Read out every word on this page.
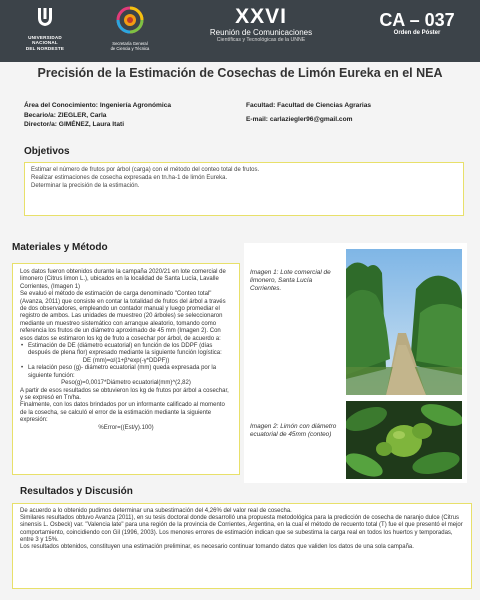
UNIVERSIDAD
NACIONAL
DEL NORDESTE
Secretaría General
de Ciencia y Técnica
XXVI
Reunión de Comunicaciones
Científicas y Tecnológicas de la UNNE
CA – 037
Orden de Póster
Precisión de la Estimación de Cosechas de Limón Eureka en el NEA
Área del Conocimiento: Ingeniería Agronómica
Becario/a: ZIEGLER, Carla
Director/a: GIMÉNEZ, Laura Itati
Facultad: Facultad de Ciencias Agrarias
E-mail: carlaziegler96@gmail.com
Objetivos
Estimar el número de frutos por árbol (carga) con el método del conteo total de frutos.
Realizar estimaciones de cosecha expresada en tn.ha-1 de limón Eureka.
Determinar la precisión de la estimación.
Materiales y Método

Los datos fueron obtenidos durante la campaña 2020/21 en lote comercial de limonero (Citrus limon L.), ubicados en la localidad de Santa Lucía, Lavalle Corrientes, (Imagen 1)

Se evaluó el método de estimación de carga denominado "Conteo total" (Avanza, 2011) que consiste en contar la totalidad de frutos del árbol a través de dos observadores, empleando un contador manual y luego promediar el registro de ambos. Las unidades de muestreo (20 árboles) se seleccionaron mediante un muestreo sistemático con arranque aleatorio, tomando como referencia los frutos de un diámetro aproximado de 45 mm (Imagen 2). Con esos datos se estimaron los kg de fruto a cosechar por árbol, de acuerdo a:

• Estimación de DE (diámetro ecuatorial) en función de los DDPF (días después de plena flor) expresado mediante la siguiente función logística:

DE (mm)=α/(1+β*exp(-γ*DDPF))

• La relación peso (g)- diámetro ecuatorial (mm) queda expresada por la siguiente función:

Peso(g)=0,0017*Diámetro ecuatorial(mm)^(2,82)

A partir de esos resultados se obtuvieron los kg de frutos por árbol a cosechar, y se expresó en Tn/ha.

Finalmente, con los datos brindados por un informante calificado al momento de la cosecha, se calculó el error de la estimación mediante la siguiente expresión:

%Error=((Est/y).100)

Imagen 1: Lote comercial de limonero, Santa Lucía Corrientes.
Imagen 2: Limón con diámetro ecuatorial de 45mm (conteo)
Resultados y Discusión

De acuerdo a lo obtenido pudimos determinar una subestimación del 4,26% del valor real de cosecha.

Similares resultados obtuvo Avanza (2011), en su tesis doctoral donde desarrolló una propuesta metodológica para la predicción de cosecha de naranjo dulce (Citrus sinensis L. Osbeck) var. "Valencia late" para una región de la provincia de Corrientes, Argentina, en la cual el método de recuento total (T) fue el que presentó el mejor comportamiento, coincidiendo con Gil (1996, 2003). Los menores errores de estimación indican que se subestima la carga real en todos los huertos y temporadas, entre 3 y 15%.

Los resultados obtenidos, constituyen una estimación preliminar, es necesario continuar tomando datos que validen los datos de una sola campaña.
